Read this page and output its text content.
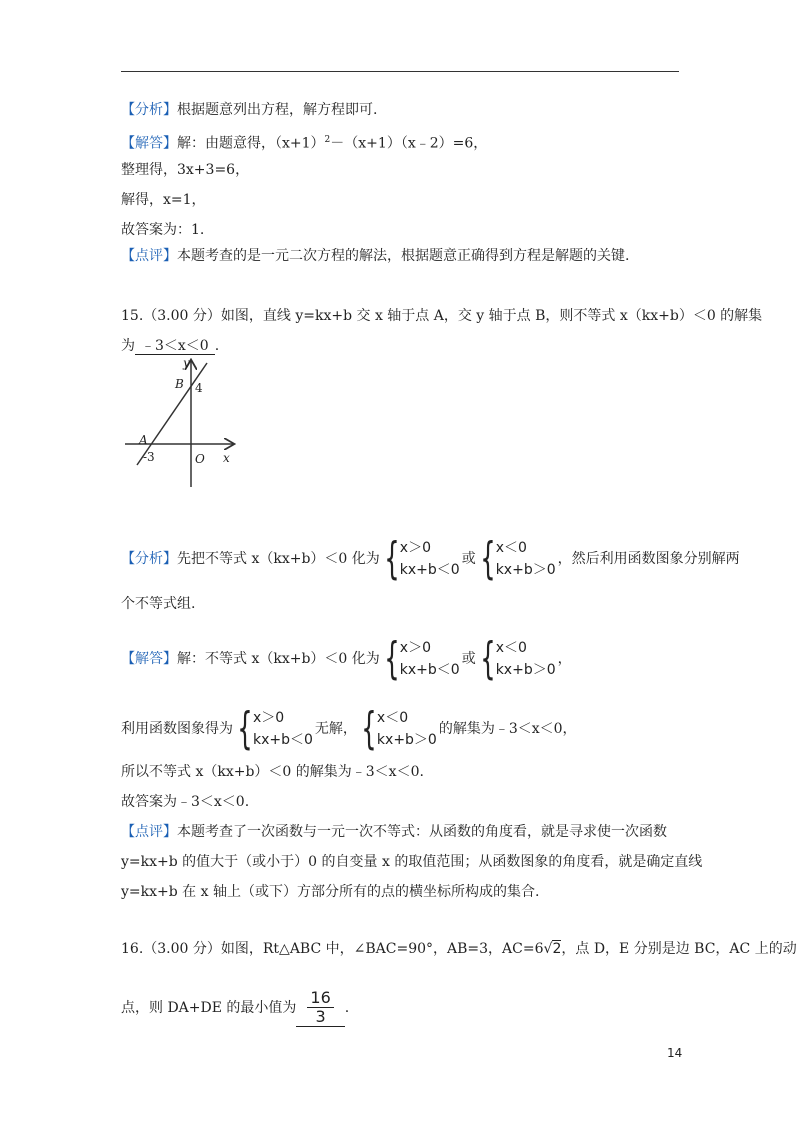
【分析】根据题意列出方程，解方程即可.
【解答】解：由题意得，$(x+1)^2-(x+1)(x﹣2)=6$，
整理得，3x+3=6，
解得，x=1，
故答案为：1.
【点评】本题考查的是一元二次方程的解法，根据题意正确得到方程是解题的关键.
15.（3.00 分）如图，直线 y=kx+b 交 x 轴于点 A，交 y 轴于点 B，则不等式 x（kx+b）＜0 的解集
为 ﹣3＜x＜0 .
y
B 4
A
-3	O x
【分析】先把不等式 x（kx+b）＜0 化为 { x＞0
kx+b＜0
或 { x＜0
kx+b＞0
，然后利用函数图象分别解两
个不等式组.
【解答】解：不等式 x（kx+b）＜0 化为 { x＞0
kx+b＜0
或 { x＜0
kx+b＞0
，
利用函数图象得为 { x＞0
kx+b＜0
无解， { x＜0
kx+b＞0
的解集为﹣3＜x＜0，
所以不等式 x（kx+b）＜0 的解集为﹣3＜x＜0.
故答案为﹣3＜x＜0.
【点评】本题考查了一次函数与一元一次不等式：从函数的角度看，就是寻求使一次函数
y=kx+b 的值大于（或小于）0 的自变量 x 的取值范围；从函数图象的角度看，就是确定直线
y=kx+b 在 x 轴上（或下）方部分所有的点的横坐标所构成的集合.
16.（3.00 分）如图，Rt△ABC 中，∠BAC=90°，AB=3，AC=6√2，点 D，E 分别是边 BC，AC 上的动
点，则 DA+DE 的最小值为 $\frac{16}{3}$ .
14
